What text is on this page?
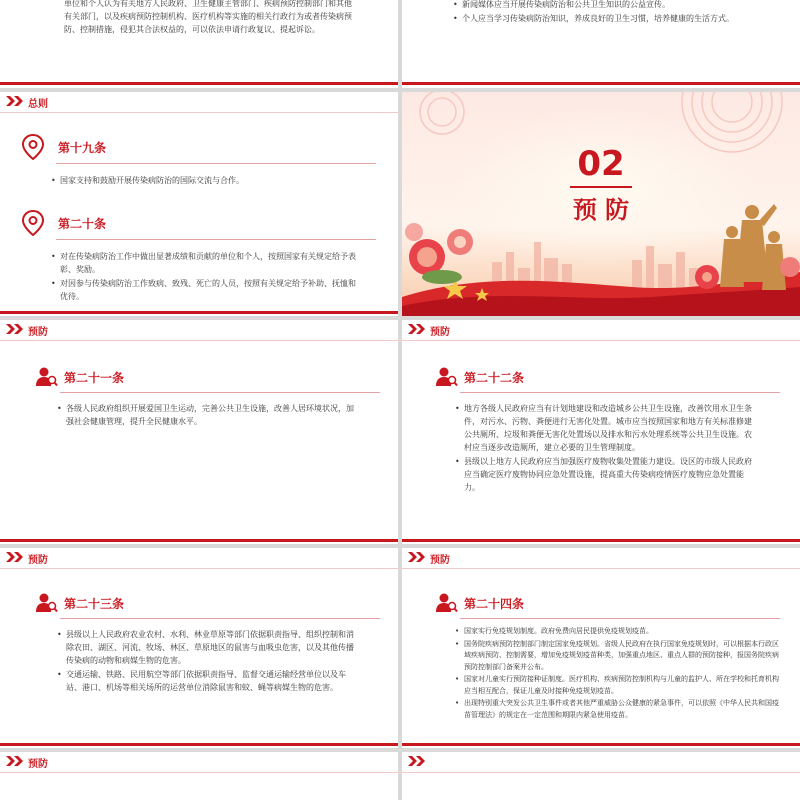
单位和个人认为有关地方人民政府、卫生健康主管部门、疾病预防控制部门和其他有关部门，以及疾病预防控制机构、医疗机构等实施的相关行政行为或者传染病预防、控制措施，侵犯其合法权益的，可以依法申请行政复议、提起诉讼。
• 新闻媒体应当开展传染病防治和公共卫生知识的公益宣传。
• 个人应当学习传染病防治知识，养成良好的卫生习惯，培养健康的生活方式。
总则
第十九条
• 国家支持和鼓励开展传染病防治的国际交流与合作。
第二十条
• 对在传染病防治工作中做出显著成绩和贡献的单位和个人，按照国家有关规定给予表彰、奖励。
• 对因参与传染病防治工作致病、致残、死亡的人员，按照有关规定给予补助、抚恤和优待。
02
预 防
预防
第二十一条
• 各级人民政府组织开展爱国卫生运动，完善公共卫生设施，改善人居环境状况，加强社会健康管理，提升全民健康水平。
预防
第二十二条
• 地方各级人民政府应当有计划地建设和改造城乡公共卫生设施，改善饮用水卫生条件，对污水、污物、粪便进行无害化处置。城市应当按照国家和地方有关标准修建公共厕所、垃圾和粪便无害化处置场以及排水和污水处理系统等公共卫生设施。农村应当逐步改造厕所，建立必要的卫生管理制度。
• 县级以上地方人民政府应当加强医疗废物收集处置能力建设。设区的市级人民政府应当确定医疗废物协同应急处置设施，提高重大传染病疫情医疗废物应急处置能力。
预防
第二十三条
• 县级以上人民政府农业农村、水利、林业草原等部门依据职责指导、组织控制和消除农田、湖区、河流、牧场、林区、草原地区的鼠害与血吸虫危害，以及其他传播传染病的动物和病媒生物的危害。
• 交通运输、铁路、民用航空等部门依据职责指导、监督交通运输经营单位以及车站、港口、机场等相关场所的运营单位消除鼠害和蚊、蝇等病媒生物的危害。
预防
第二十四条
• 国家实行免疫规划制度。政府免费向居民提供免疫规划疫苗。
• 国务院疾病预防控制部门制定国家免疫规划。省级人民政府在执行国家免疫规划时，可以根据本行政区域疾病预防、控制需要，增加免疫规划疫苗种类，加强重点地区、重点人群的预防接种，报国务院疾病预防控制部门备案并公布。
• 国家对儿童实行预防接种证制度。医疗机构、疾病预防控制机构与儿童的监护人、所在学校和托育机构应当相互配合，保证儿童及时接种免疫规划疫苗。
• 出现特别重大突发公共卫生事件或者其他严重威胁公众健康的紧急事件，可以依照《中华人民共和国疫苗管理法》的规定在一定范围和期限内紧急使用疫苗。
预防
